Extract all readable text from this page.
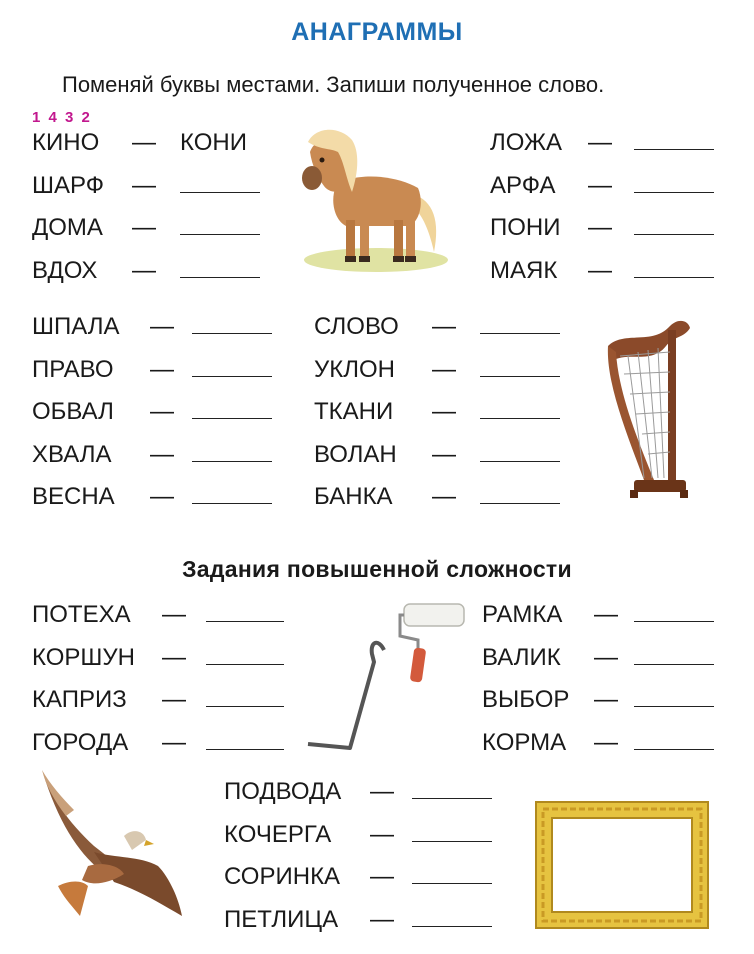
АНАГРАММЫ
Поменяй буквы местами. Запиши полученное слово.
1 4 3 2
КИНО — КОНИ
ШАРФ —
ДОМА —
ВДОХ —
ЛОЖА —
АРФА —
ПОНИ —
МАЯК —
ШПАЛА —
ПРАВО —
ОБВАЛ —
ХВАЛА —
ВЕСНА —
СЛОВО —
УКЛОН —
ТКАНИ —
ВОЛАН —
БАНКА —
ПОТЕХА —
КОРШУН —
КАПРИЗ —
ГОРОДА —
РАМКА —
ВАЛИК —
ВЫБОР —
КОРМА —
ПОДВОДА —
КОЧЕРГА —
СОРИНКА —
ПЕТЛИЦА —
Задания повышенной сложности
